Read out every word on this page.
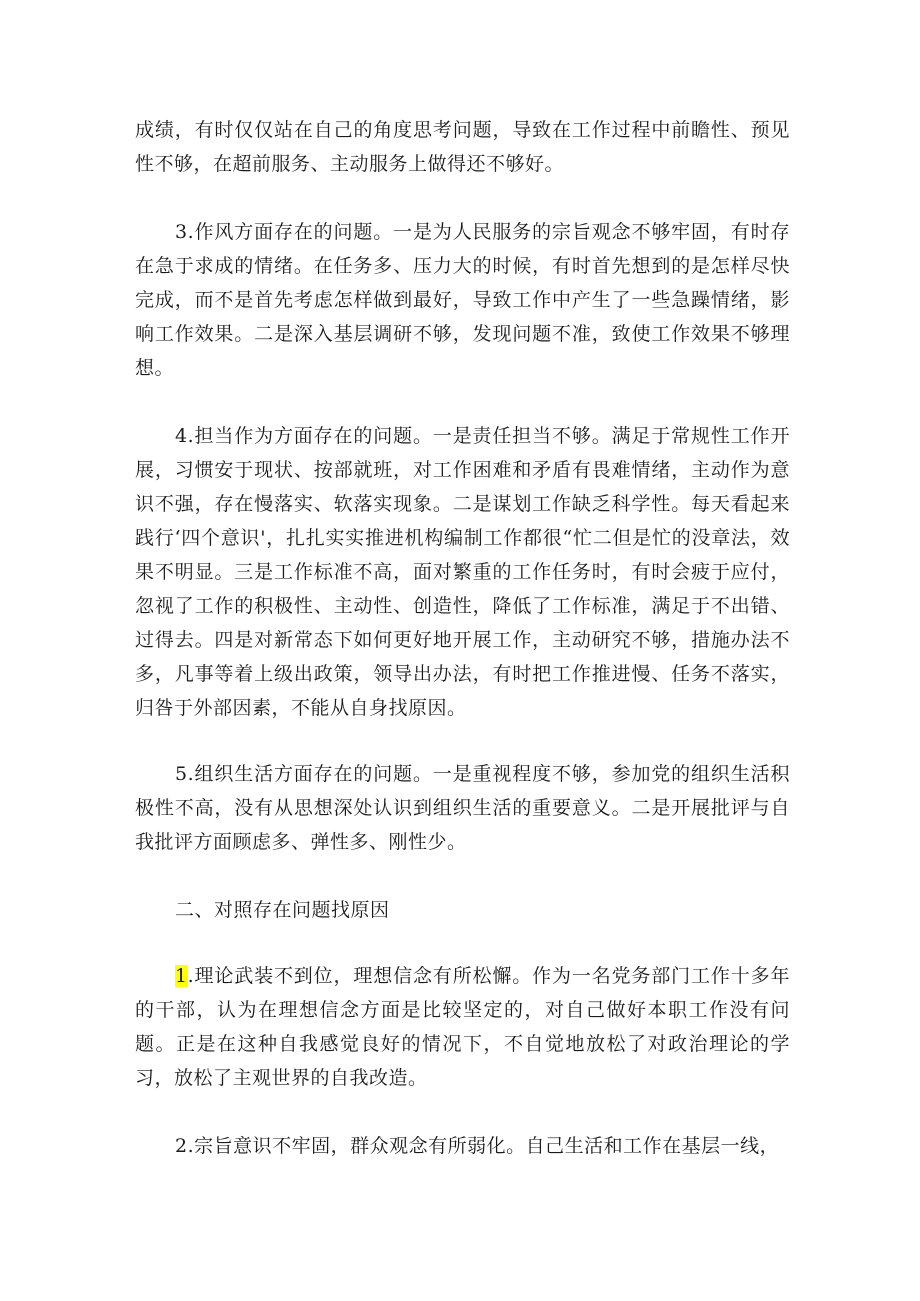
成绩，有时仅仅站在自己的角度思考问题，导致在工作过程中前瞻性、预见性不够，在超前服务、主动服务上做得还不够好。

3.作风方面存在的问题。一是为人民服务的宗旨观念不够牢固，有时存在急于求成的情绪。在任务多、压力大的时候，有时首先想到的是怎样尽快完成，而不是首先考虑怎样做到最好，导致工作中产生了一些急躁情绪，影响工作效果。二是深入基层调研不够，发现问题不准，致使工作效果不够理想。

4.担当作为方面存在的问题。一是责任担当不够。满足于常规性工作开展，习惯安于现状、按部就班，对工作困难和矛盾有畏难情绪，主动作为意识不强，存在慢落实、软落实现象。二是谋划工作缺乏科学性。每天看起来践行‘四个意识'，扎扎实实推进机构编制工作都很“忙二但是忙的没章法，效果不明显。三是工作标准不高，面对繁重的工作任务时，有时会疲于应付，忽视了工作的积极性、主动性、创造性，降低了工作标准，满足于不出错、过得去。四是对新常态下如何更好地开展工作，主动研究不够，措施办法不多，凡事等着上级出政策，领导出办法，有时把工作推进慢、任务不落实，归咎于外部因素，不能从自身找原因。

5.组织生活方面存在的问题。一是重视程度不够，参加党的组织生活积极性不高，没有从思想深处认识到组织生活的重要意义。二是开展批评与自我批评方面顾虑多、弹性多、刚性少。

二、对照存在问题找原因

1.理论武装不到位，理想信念有所松懈。作为一名党务部门工作十多年的干部，认为在理想信念方面是比较坚定的，对自己做好本职工作没有问题。正是在这种自我感觉良好的情况下，不自觉地放松了对政治理论的学习，放松了主观世界的自我改造。

2.宗旨意识不牢固，群众观念有所弱化。自己生活和工作在基层一线，
